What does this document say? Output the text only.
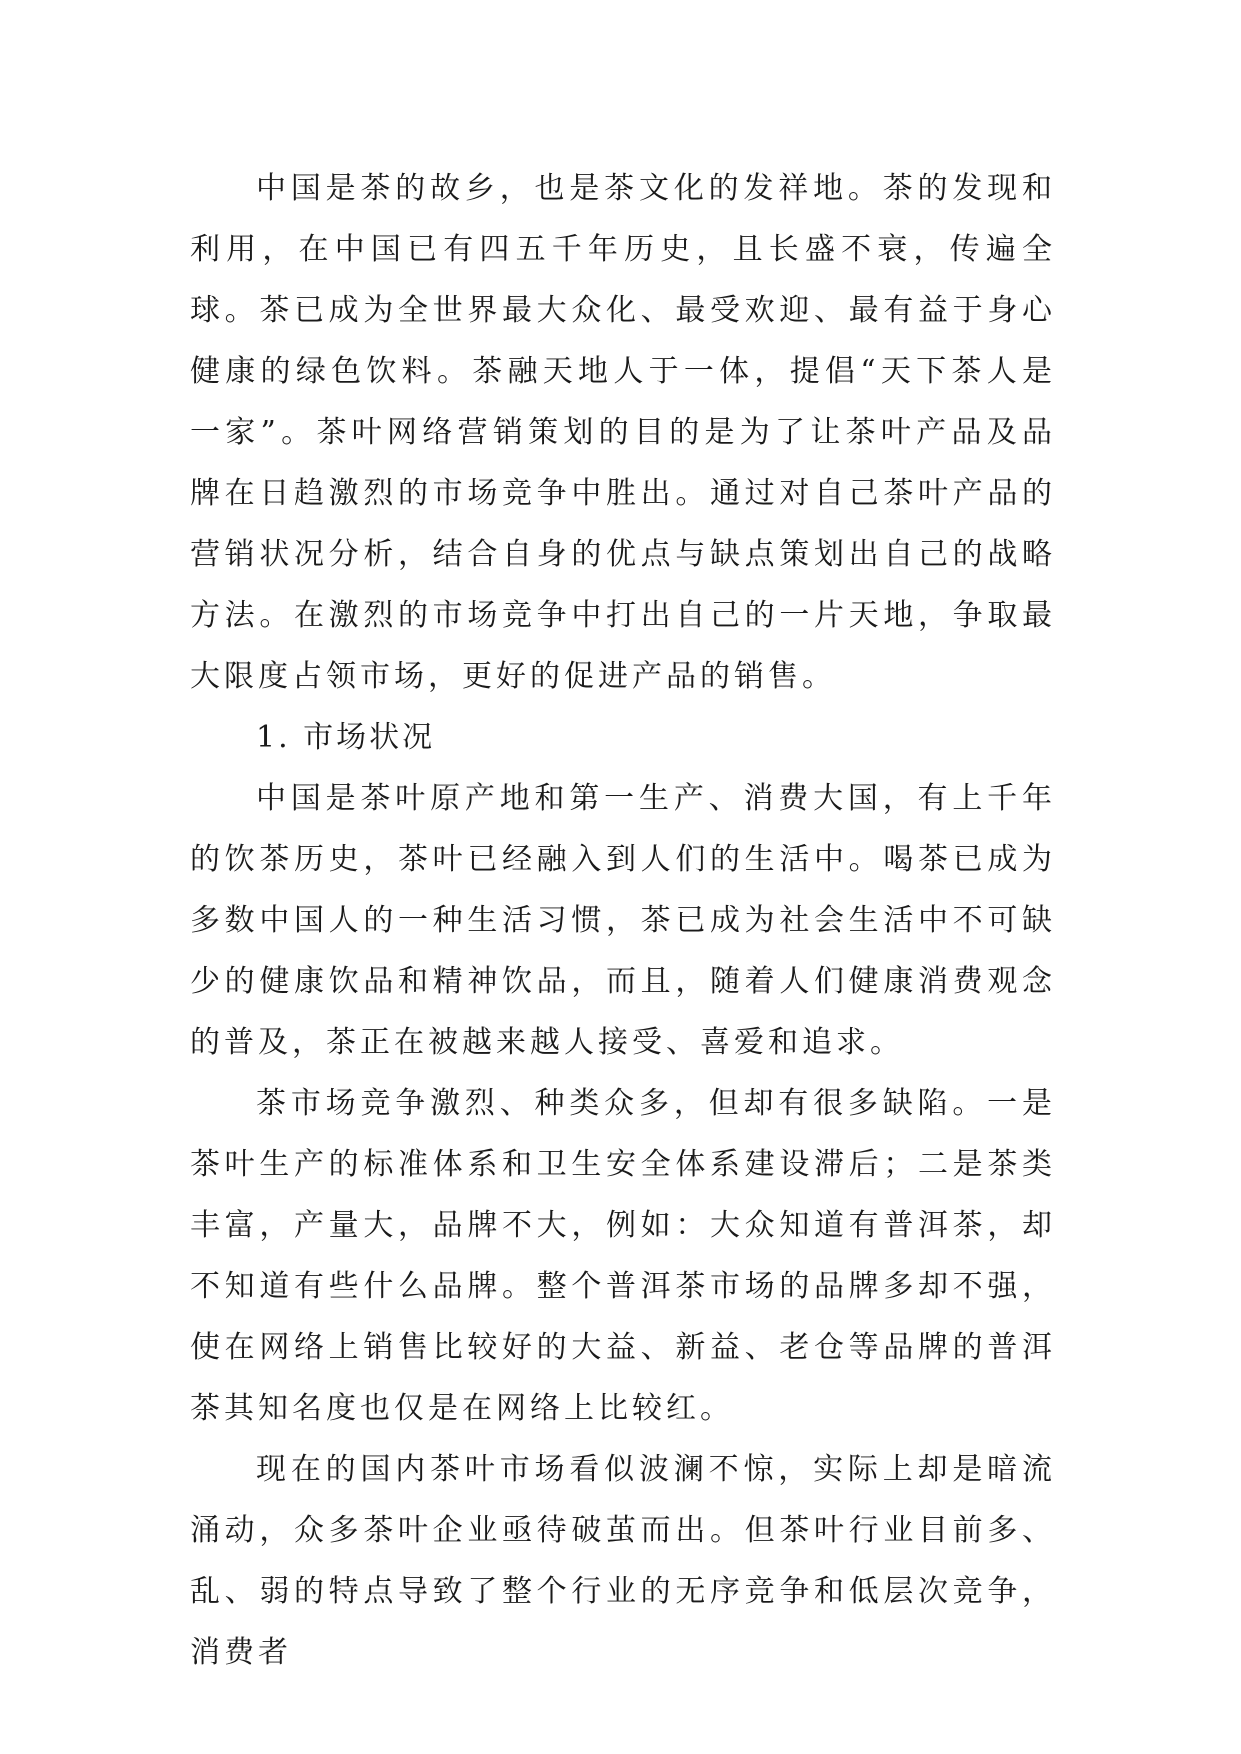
中国是茶的故乡，也是茶文化的发祥地。茶的发现和利用，在中国已有四五千年历史，且长盛不衰，传遍全球。茶已成为全世界最大众化、最受欢迎、最有益于身心健康的绿色饮料。茶融天地人于一体，提倡“天下茶人是一家”。茶叶网络营销策划的目的是为了让茶叶产品及品牌在日趋激烈的市场竞争中胜出。通过对自己茶叶产品的营销状况分析，结合自身的优点与缺点策划出自己的战略方法。在激烈的市场竞争中打出自己的一片天地，争取最大限度占领市场，更好的促进产品的销售。

1. 市场状况

中国是茶叶原产地和第一生产、消费大国，有上千年的饮茶历史，茶叶已经融入到人们的生活中。喝茶已成为多数中国人的一种生活习惯，茶已成为社会生活中不可缺少的健康饮品和精神饮品，而且，随着人们健康消费观念的普及，茶正在被越来越人接受、喜爱和追求。

茶市场竞争激烈、种类众多，但却有很多缺陷。一是茶叶生产的标准体系和卫生安全体系建设滞后；二是茶类丰富，产量大，品牌不大，例如：大众知道有普洱茶，却不知道有些什么品牌。整个普洱茶市场的品牌多却不强，使在网络上销售比较好的大益、新益、老仓等品牌的普洱茶其知名度也仅是在网络上比较红。

现在的国内茶叶市场看似波澜不惊，实际上却是暗流涌动，众多茶叶企业亟待破茧而出。但茶叶行业目前多、乱、弱的特点导致了整个行业的无序竞争和低层次竞争，消费者
